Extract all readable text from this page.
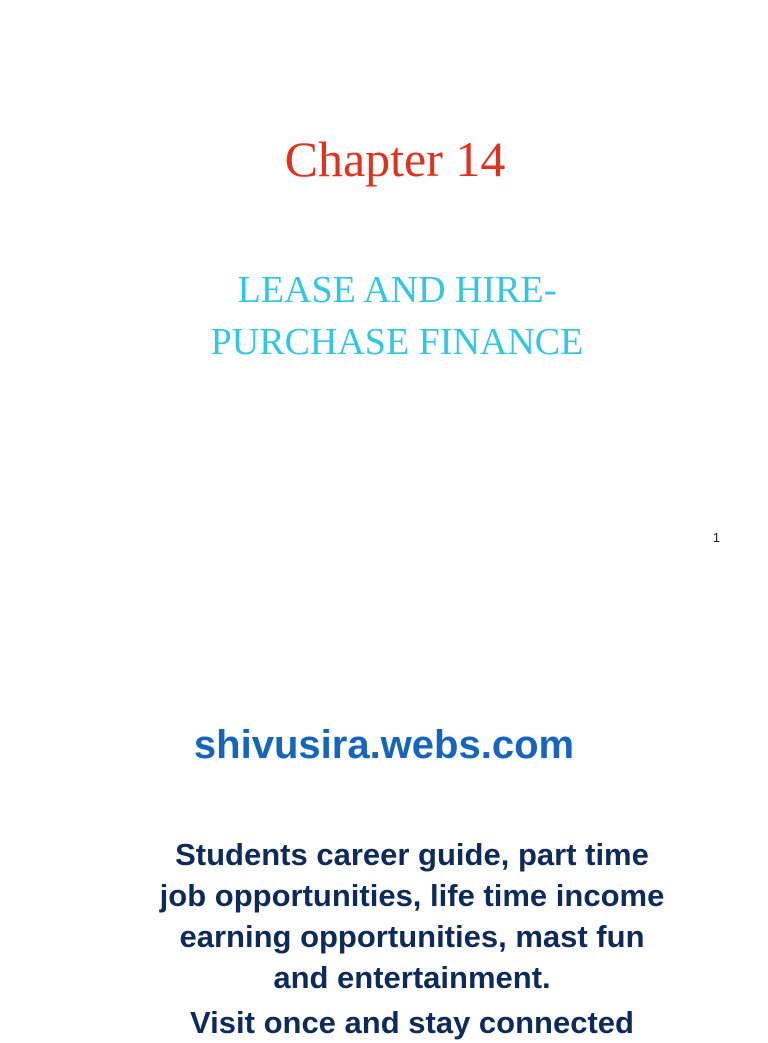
Chapter 14
LEASE AND HIRE-
PURCHASE FINANCE
1
shivusira.webs.com
Students career guide, part time
job opportunities, life time income
earning opportunities, mast fun
and entertainment.
Visit once and stay connected
